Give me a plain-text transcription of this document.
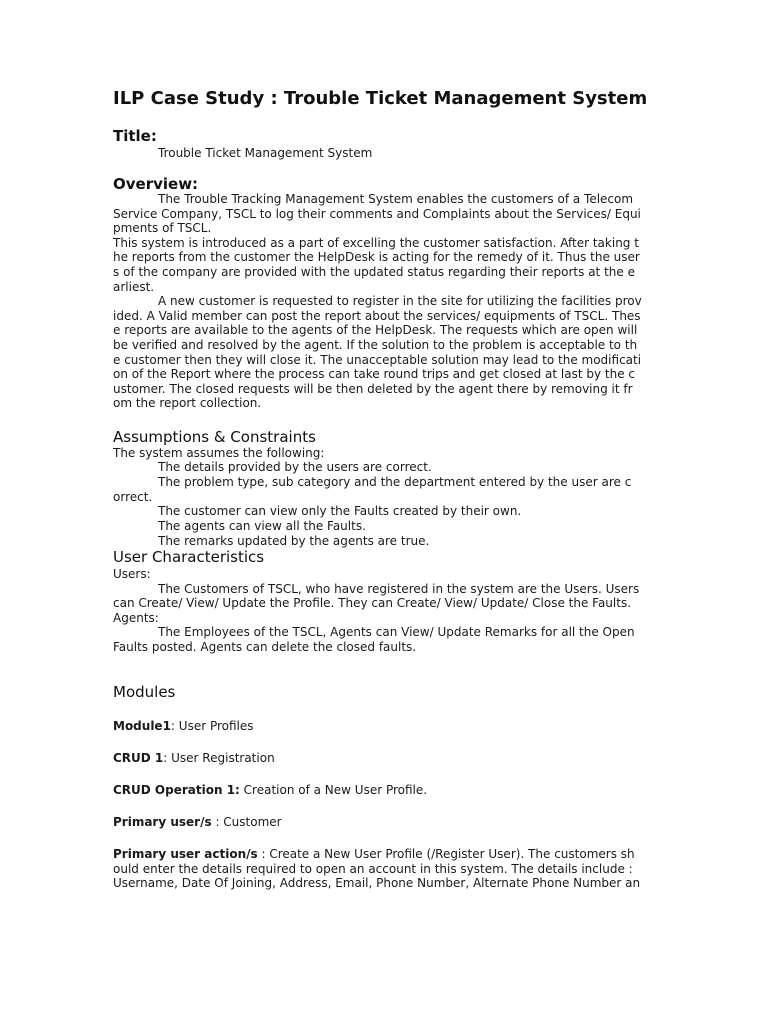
ILP Case Study : Trouble Ticket Management System
Title:
Trouble Ticket Management System
Overview:
The Trouble Tracking Management System enables the customers of a Telecom
Service Company, TSCL to log their comments and Complaints about the Services/ Equi
pments of TSCL.
This system is introduced as a part of excelling the customer satisfaction. After taking t
he reports from the customer the HelpDesk is acting for the remedy of it. Thus the user
s of the company are provided with the updated status regarding their reports at the e
arliest.
A new customer is requested to register in the site for utilizing the facilities prov
ided. A Valid member can post the report about the services/ equipments of TSCL. Thes
e reports are available to the agents of the HelpDesk. The requests which are open will
be verified and resolved by the agent. If the solution to the problem is acceptable to th
e customer then they will close it. The unacceptable solution may lead to the modificati
on of the Report where the process can take round trips and get closed at last by the c
ustomer. The closed requests will be then deleted by the agent there by removing it fr
om the report collection.
Assumptions & Constraints
The system assumes the following:
The details provided by the users are correct.
The problem type, sub category and the department entered by the user are c
orrect.
The customer can view only the Faults created by their own.
The agents can view all the Faults.
The remarks updated by the agents are true.
User Characteristics
Users:
The Customers of TSCL, who have registered in the system are the Users. Users
can Create/ View/ Update the Profile. They can Create/ View/ Update/ Close the Faults.
Agents:
The Employees of the TSCL, Agents can View/ Update Remarks for all the Open
Faults posted. Agents can delete the closed faults.
Modules
Module1: User Profiles
CRUD 1: User Registration
CRUD Operation 1: Creation of a New User Profile.
Primary user/s : Customer
Primary user action/s : Create a New User Profile (/Register User). The customers sh
ould enter the details required to open an account in this system. The details include :
Username, Date Of Joining, Address, Email, Phone Number, Alternate Phone Number an
